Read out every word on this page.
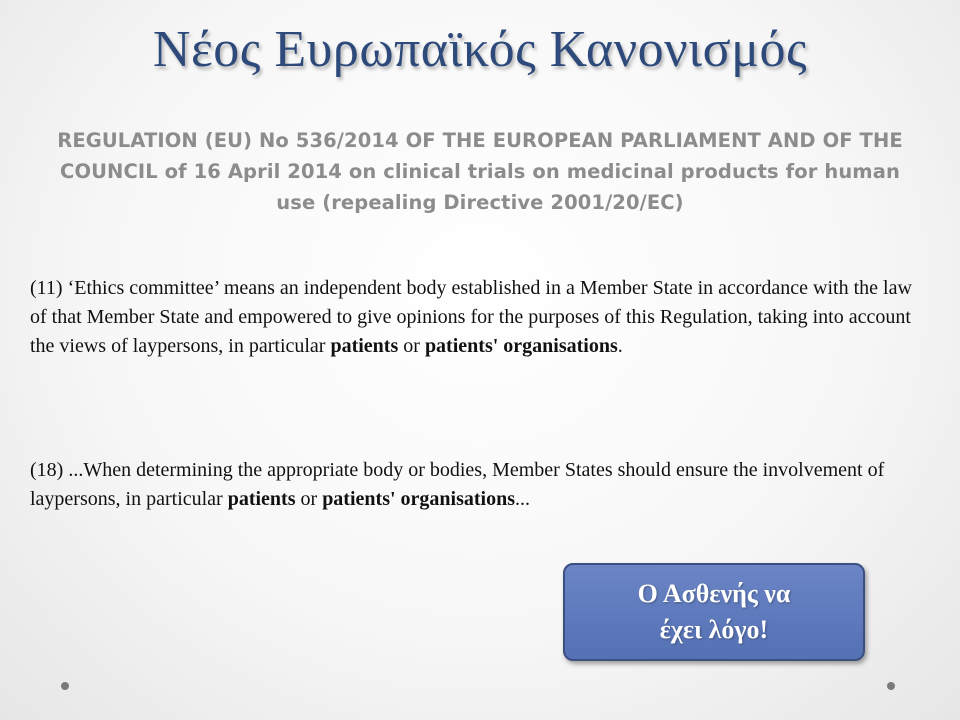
Νέος Ευρωπαϊκός Κανονισμός
REGULATION (EU) No 536/2014 OF THE EUROPEAN PARLIAMENT AND OF THE COUNCIL of 16 April 2014 on clinical trials on medicinal products for human use (repealing Directive 2001/20/EC)
(11) ‘Ethics committee’ means an independent body established in a Member State in accordance with the law of that Member State and empowered to give opinions for the purposes of this Regulation, taking into account the views of laypersons, in particular patients or patients' organisations.
(18) ...When determining the appropriate body or bodies, Member States should ensure the involvement of laypersons, in particular patients or patients' organisations...
Ο Ασθενής να
έχει λόγο!
